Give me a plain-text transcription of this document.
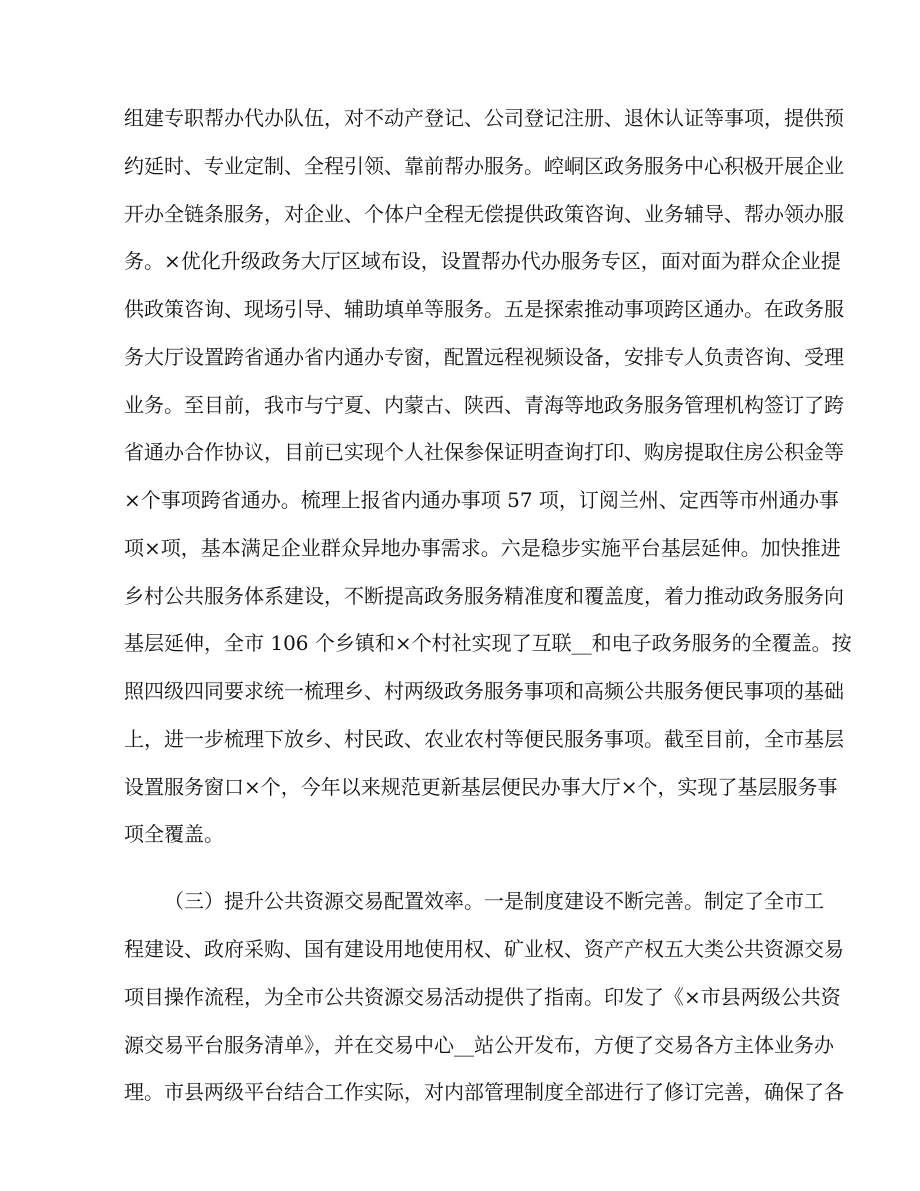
组建专职帮办代办队伍，对不动产登记、公司登记注册、退休认证等事项，提供预

约延时、专业定制、全程引领、靠前帮办服务。崆峒区政务服务中心积极开展企业

开办全链条服务，对企业、个体户全程无偿提供政策咨询、业务辅导、帮办领办服

务。×优化升级政务大厅区域布设，设置帮办代办服务专区，面对面为群众企业提

供政策咨询、现场引导、辅助填单等服务。五是探索推动事项跨区通办。在政务服

务大厅设置跨省通办省内通办专窗，配置远程视频设备，安排专人负责咨询、受理

业务。至目前，我市与宁夏、内蒙古、陕西、青海等地政务服务管理机构签订了跨

省通办合作协议，目前已实现个人社保参保证明查询打印、购房提取住房公积金等

×个事项跨省通办。梳理上报省内通办事项 57 项，订阅兰州、定西等市州通办事

项×项，基本满足企业群众异地办事需求。六是稳步实施平台基层延伸。加快推进

乡村公共服务体系建设，不断提高政务服务精准度和覆盖度，着力推动政务服务向

基层延伸，全市 106 个乡镇和×个村社实现了互联__和电子政务服务的全覆盖。按

照四级四同要求统一梳理乡、村两级政务服务事项和高频公共服务便民事项的基础

上，进一步梳理下放乡、村民政、农业农村等便民服务事项。截至目前，全市基层

设置服务窗口×个，今年以来规范更新基层便民办事大厅×个，实现了基层服务事

项全覆盖。

（三）提升公共资源交易配置效率。一是制度建设不断完善。制定了全市工

程建设、政府采购、国有建设用地使用权、矿业权、资产产权五大类公共资源交易

项目操作流程，为全市公共资源交易活动提供了指南。印发了《×市县两级公共资

源交易平台服务清单》，并在交易中心__站公开发布，方便了交易各方主体业务办

理。市县两级平台结合工作实际，对内部管理制度全部进行了修订完善，确保了各
